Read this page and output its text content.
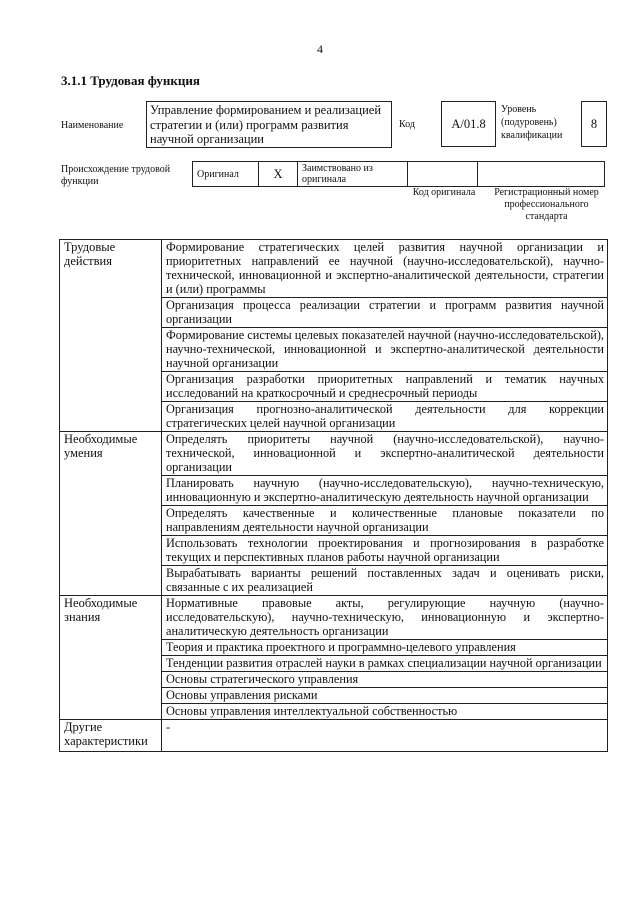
4
3.1.1 Трудовая функция
Наименование
Управление формированием и реализацией стратегии и (или) программ развития научной организации
Код	A/01.8
Уровень (подуровень) квалификации
8
Происхождение трудовой функции
Оригинал	X	Заимствовано из оригинала		
Код оригинала	Регистрационный номер профессионального стандарта
Трудовые действия	Формирование стратегических целей развития научной организации и приоритетных направлений ее научной (научно-исследовательской), научно-технической, инновационной и экспертно-аналитической деятельности, стратегии и (или) программы
	Организация процесса реализации стратегии и программ развития научной организации
	Формирование системы целевых показателей научной (научно-исследовательской), научно-технической, инновационной и экспертно-аналитической деятельности научной организации
	Организация разработки приоритетных направлений и тематик научных исследований на краткосрочный и среднесрочный периоды
	Организация прогнозно-аналитической деятельности для коррекции стратегических целей научной организации
Необходимые умения	Определять приоритеты научной (научно-исследовательской), научно-технической, инновационной и экспертно-аналитической деятельности организации
	Планировать научную (научно-исследовательскую), научно-техническую, инновационную и экспертно-аналитическую деятельность научной организации
	Определять качественные и количественные плановые показатели по направлениям деятельности научной организации
	Использовать технологии проектирования и прогнозирования в разработке текущих и перспективных планов работы научной организации
	Вырабатывать варианты решений поставленных задач и оценивать риски, связанные с их реализацией
Необходимые знания	Нормативные правовые акты, регулирующие научную (научно-исследовательскую), научно-техническую, инновационную и экспертно-аналитическую деятельность организации
	Теория и практика проектного и программно-целевого управления
	Тенденции развития отраслей науки в рамках специализации научной организации
	Основы стратегического управления
	Основы управления рисками
	Основы управления интеллектуальной собственностью
Другие характеристики	-
